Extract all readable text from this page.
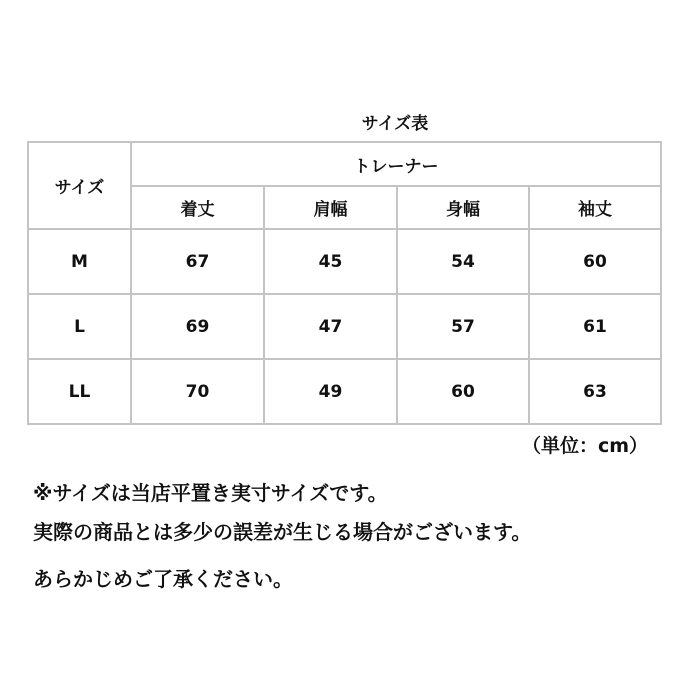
サイズ表
サイズ	トレーナー			
	着丈	肩幅	身幅	袖丈
M	67	45	54	60
L	69	47	57	61
LL	70	49	60	63
（単位：cm）
※サイズは当店平置き実寸サイズです。
実際の商品とは多少の誤差が生じる場合がございます。
あらかじめご了承ください。
